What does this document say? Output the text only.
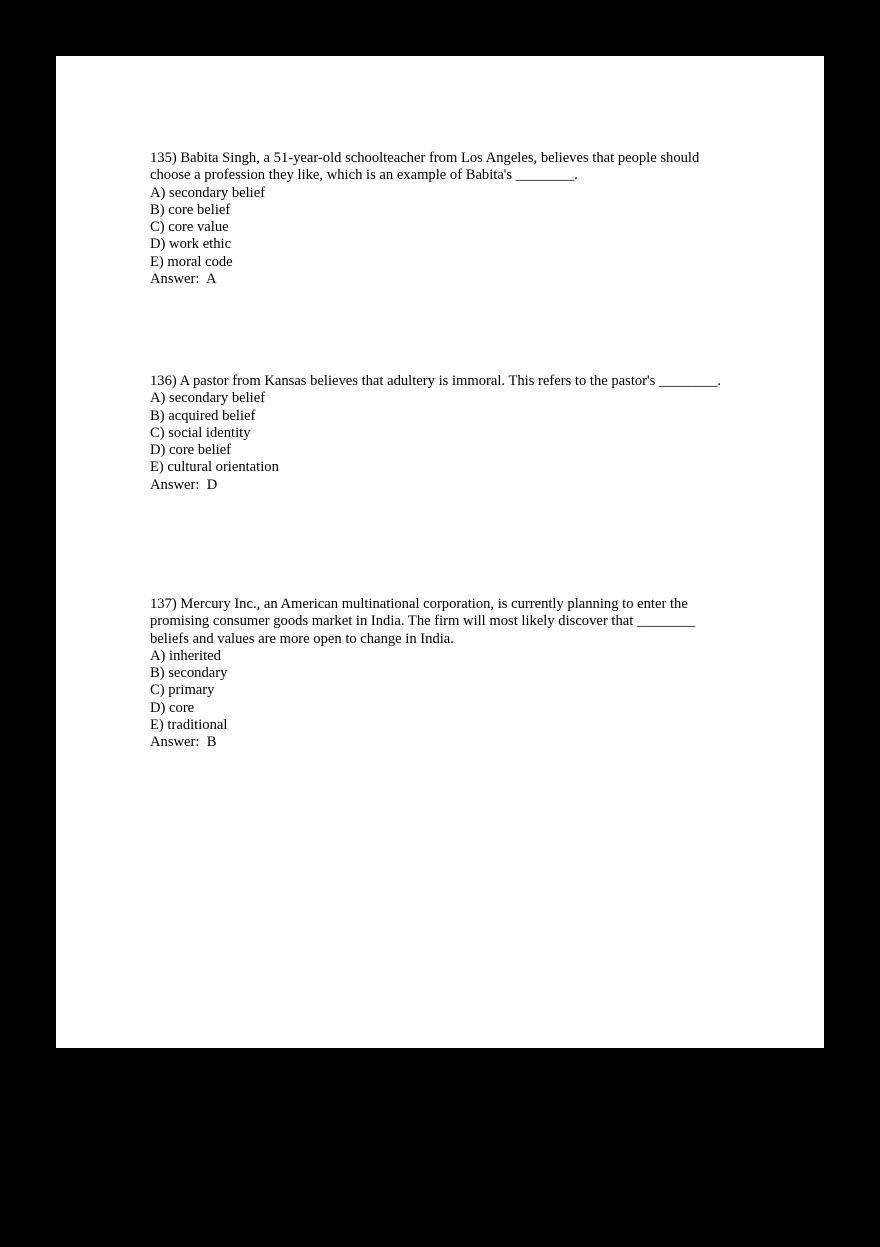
135) Babita Singh, a 51-year-old schoolteacher from Los Angeles, believes that people should choose a profession they like, which is an example of Babita's ________.
A) secondary belief
B) core belief
C) core value
D) work ethic
E) moral code
Answer:  A
136) A pastor from Kansas believes that adultery is immoral. This refers to the pastor's ________.
A) secondary belief
B) acquired belief
C) social identity
D) core belief
E) cultural orientation
Answer:  D
137) Mercury Inc., an American multinational corporation, is currently planning to enter the promising consumer goods market in India. The firm will most likely discover that ________ beliefs and values are more open to change in India.
A) inherited
B) secondary
C) primary
D) core
E) traditional
Answer:  B
